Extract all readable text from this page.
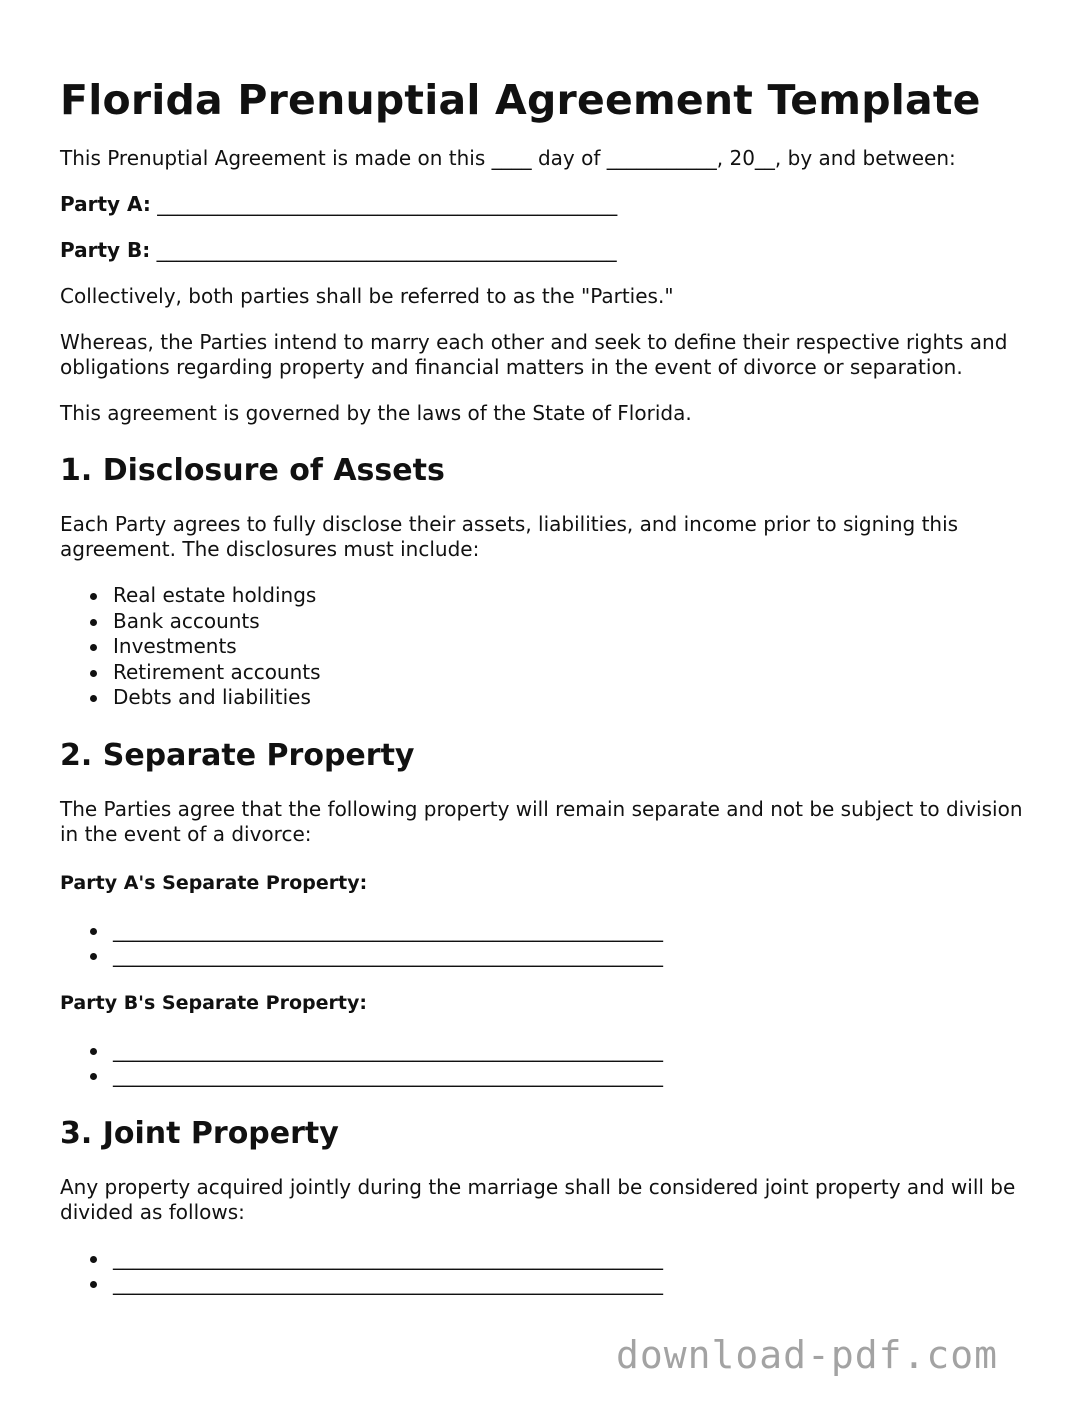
Florida Prenuptial Agreement Template

This Prenuptial Agreement is made on this ____ day of ___________, 20__, by and between:

Party A: ______________________________________________
Party B: ______________________________________________

Collectively, both parties shall be referred to as the "Parties."

Whereas, the Parties intend to marry each other and seek to define their respective rights and obligations regarding property and financial matters in the event of divorce or separation.

This agreement is governed by the laws of the State of Florida.

1. Disclosure of Assets

Each Party agrees to fully disclose their assets, liabilities, and income prior to signing this agreement. The disclosures must include:

Real estate holdings
Bank accounts
Investments
Retirement accounts
Debts and liabilities
2. Separate Property

The Parties agree that the following property will remain separate and not be subject to division in the event of a divorce:

Party A's Separate Property:
_______________________________________________________
_______________________________________________________
Party B's Separate Property:
_______________________________________________________
_______________________________________________________
3. Joint Property

Any property acquired jointly during the marriage shall be considered joint property and will be divided as follows:

_______________________________________________________
_______________________________________________________
download-pdf.com
